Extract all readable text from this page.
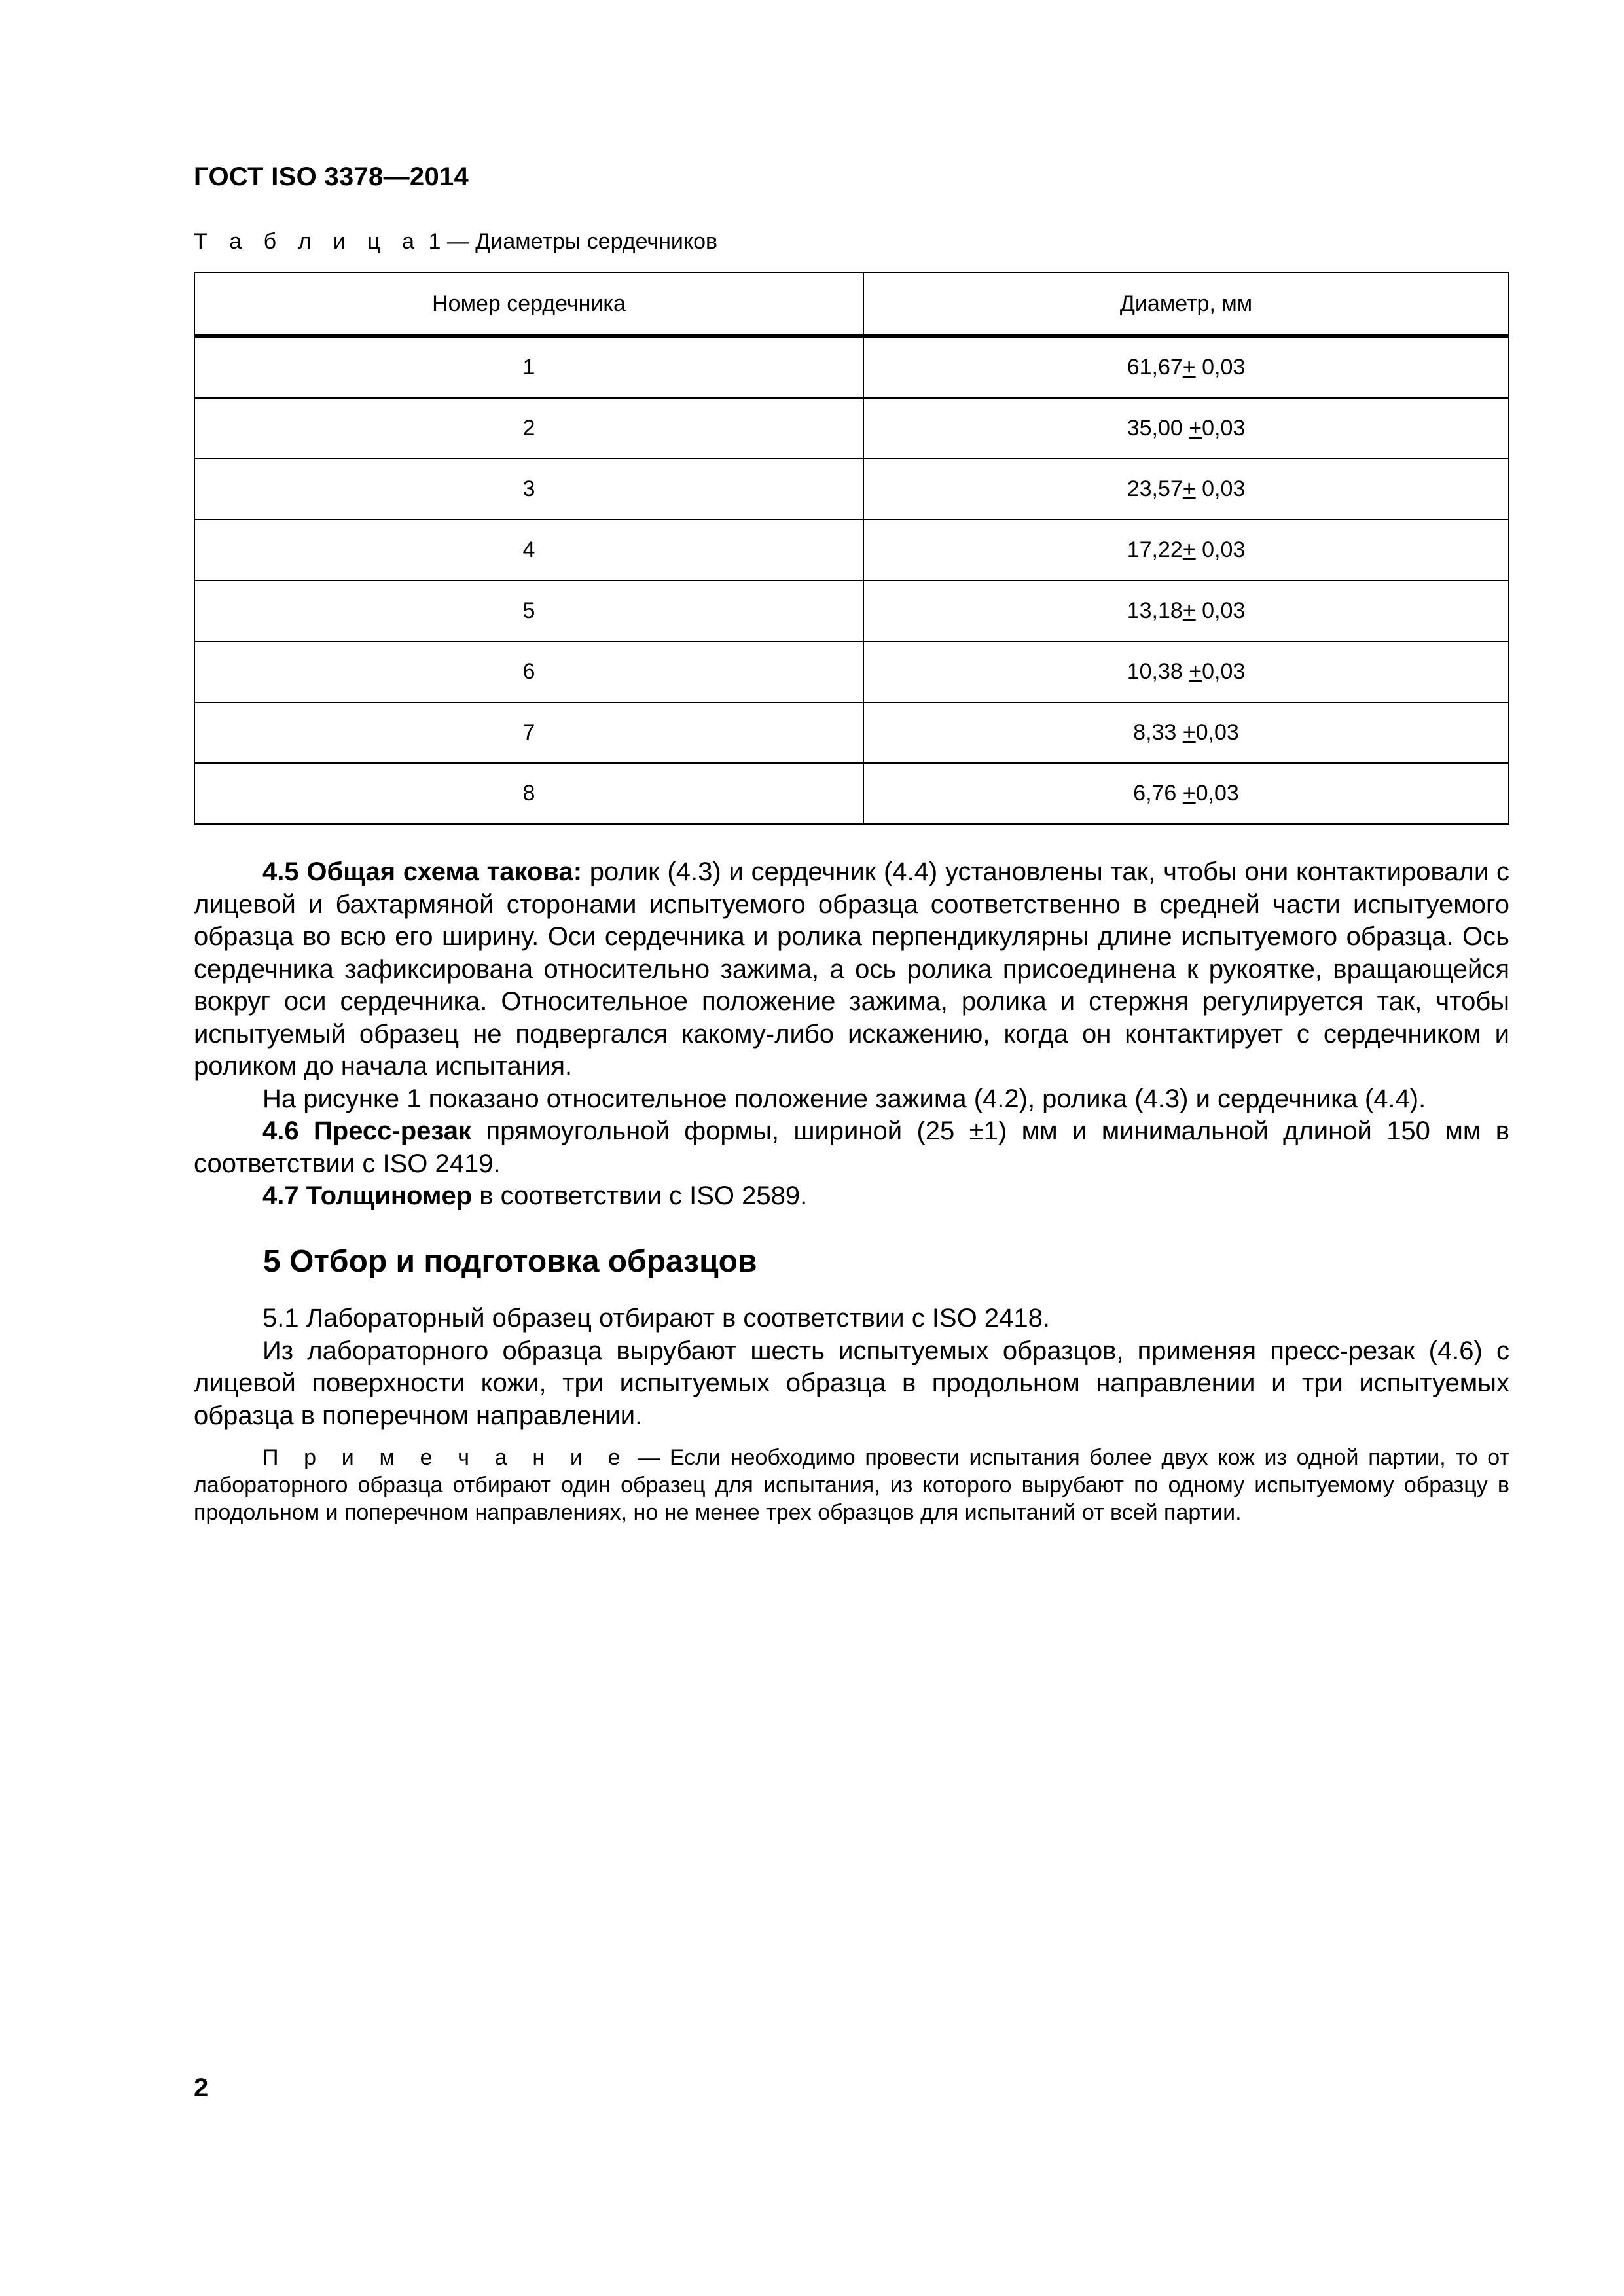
ГОСТ ISO 3378—2014
Т а б л и ц а 1 — Диаметры сердечников
Номер сердечника	Диаметр, мм
1	61,67+ 0,03
2	35,00 +0,03
3	23,57+ 0,03
4	17,22+ 0,03
5	13,18+ 0,03
6	10,38 +0,03
7	8,33 +0,03
8	6,76 +0,03

4.5 Общая схема такова: ролик (4.3) и сердечник (4.4) установлены так, чтобы они контактировали с лицевой и бахтармяной сторонами испытуемого образца соответственно в средней части испытуемого образца во всю его ширину. Оси сердечника и ролика перпендикулярны длине испытуемого образца. Ось сердечника зафиксирована относительно зажима, а ось ролика присоединена к рукоятке, вращающейся вокруг оси сердечника. Относительное положение зажима, ролика и стержня регулируется так, чтобы испытуемый образец не подвергался какому-либо искажению, когда он контактирует с сердечником и роликом до начала испытания.

На рисунке 1 показано относительное положение зажима (4.2), ролика (4.3) и сердечника (4.4).

4.6 Пресс-резак прямоугольной формы, шириной (25 ±1) мм и минимальной длиной 150 мм в соответствии с ISO 2419.

4.7 Толщиномер в соответствии с ISO 2589.

5 Отбор и подготовка образцов

5.1 Лабораторный образец отбирают в соответствии с ISO 2418.

Из лабораторного образца вырубают шесть испытуемых образцов, применяя пресс-резак (4.6) с лицевой поверхности кожи, три испытуемых образца в продольном направлении и три испытуемых образца в поперечном направлении.

П р и м е ч а н и е — Если необходимо провести испытания более двух кож из одной партии, то от лабораторного образца отбирают один образец для испытания, из которого вырубают по одному испытуемому образцу в продольном и поперечном направлениях, но не менее трех образцов для испытаний от всей партии.

2
